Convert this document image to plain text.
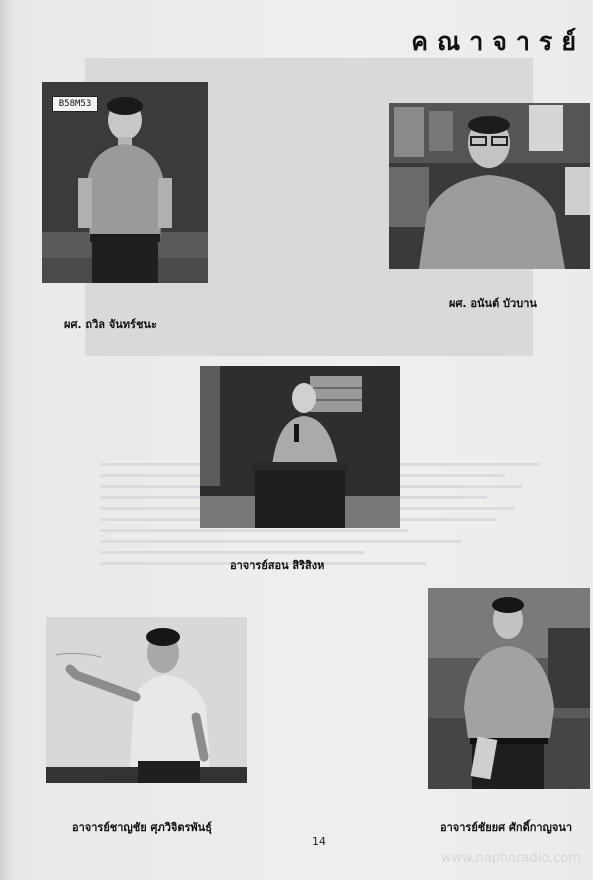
คณาจารย์
B58M53
ผศ. ถวิล จันทร์ชนะ
ผศ. อนันต์ บัวบาน
อาจารย์สอน สิริสิงห
อาจารย์ชาญชัย ศุภวิจิตรพันธุ์	อาจารย์ชัยยศ ศักดิ์กาญจนา
14
www.naphoradio.com
